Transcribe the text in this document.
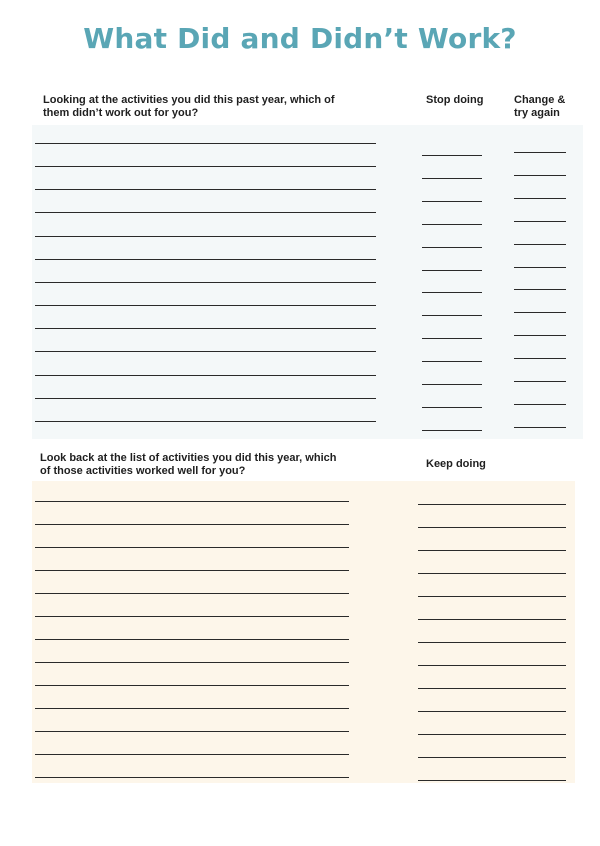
What Did and Didn’t Work?
Looking at the activities you did this past year, which of
them didn’t work out for you?
Stop doing	Change &
try again
Look back at the list of activities you did this year, which
of those activities worked well for you?
Keep doing
